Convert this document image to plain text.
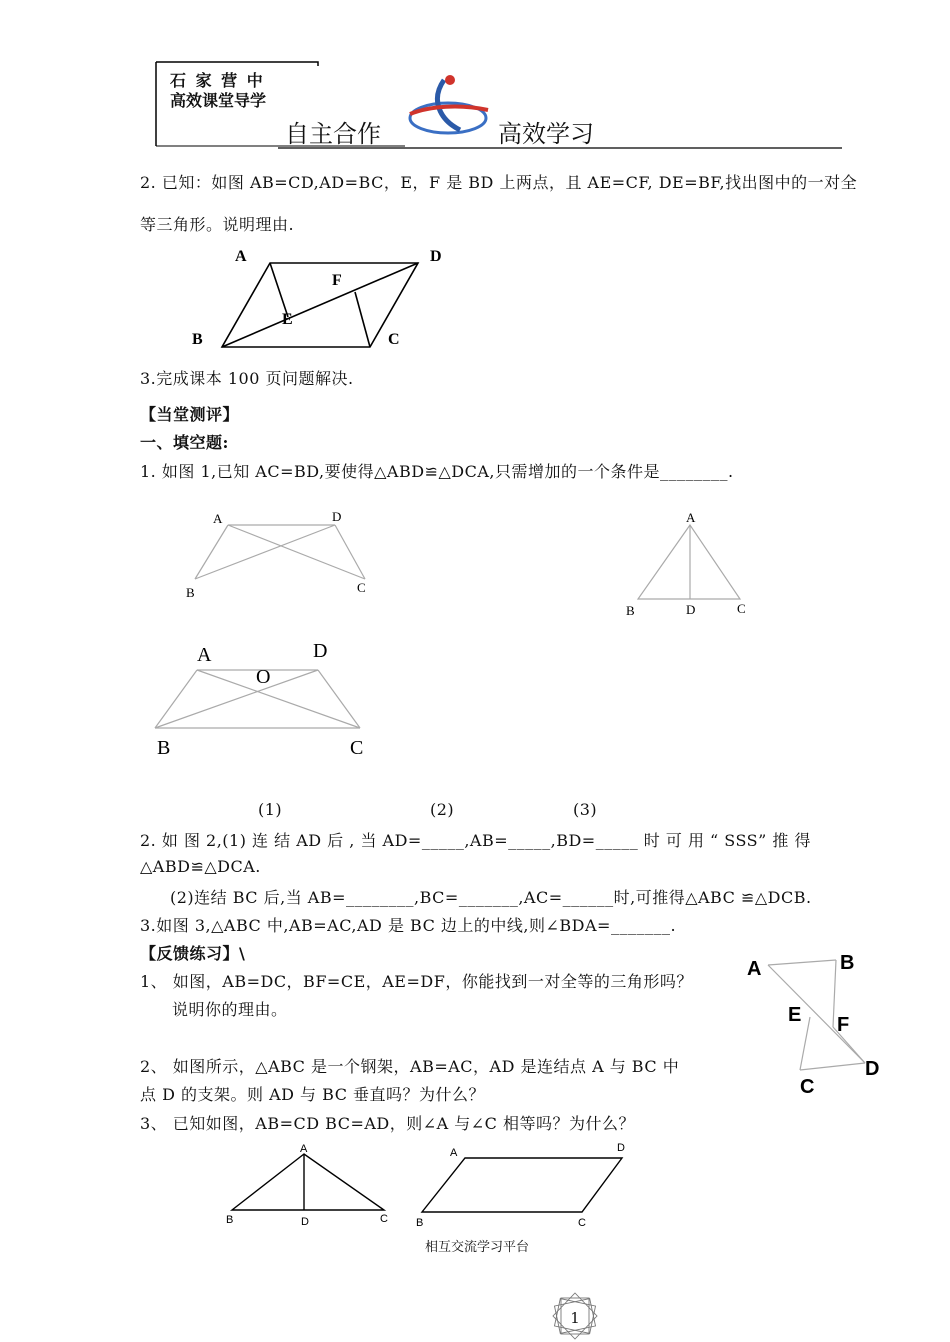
石 家 营 中
高效课堂导学
自主合作	高效学习
2. 已知：如图 AB=CD,AD=BC，E，F 是 BD 上两点，且 AE=CF, DE=BF,找出图中的一对全
等三角形。说明理由.
A	D
F
B
E
C
3.完成课本 100 页问题解决.
【当堂测评】
一、填空题:
1. 如图 1,已知 AC=BD,要使得△ABD≌△DCA,只需增加的一个条件是________.
A	D
B	C
A
B	D	C
A	D
O
B	C
(1)	(2)	(3)
2. 如 图 2,(1) 连 结 AD 后 , 当 AD=_____,AB=_____,BD=_____ 时 可 用 “ SSS” 推 得
△ABD≌△DCA.
(2)连结 BC 后,当 AB=________,BC=_______,AC=______时,可推得△ABC ≌△DCB.
3.如图 3,△ABC 中,AB=AC,AD 是 BC 边上的中线,则∠BDA=_______.
【反馈练习】\
1、 如图，AB=DC，BF=CE，AE=DF，你能找到一对全等的三角形吗？
说明你的理由。
A	B
E F
D
C
2、 如图所示，△ABC 是一个钢架，AB=AC，AD 是连结点 A 与 BC 中
点 D 的支架。则 AD 与 BC 垂直吗？为什么？
3、 已知如图，AB=CD BC=AD，则∠A 与∠C 相等吗？为什么？
A
B	D	C
A	D
B	C
相互交流学习平台
1
